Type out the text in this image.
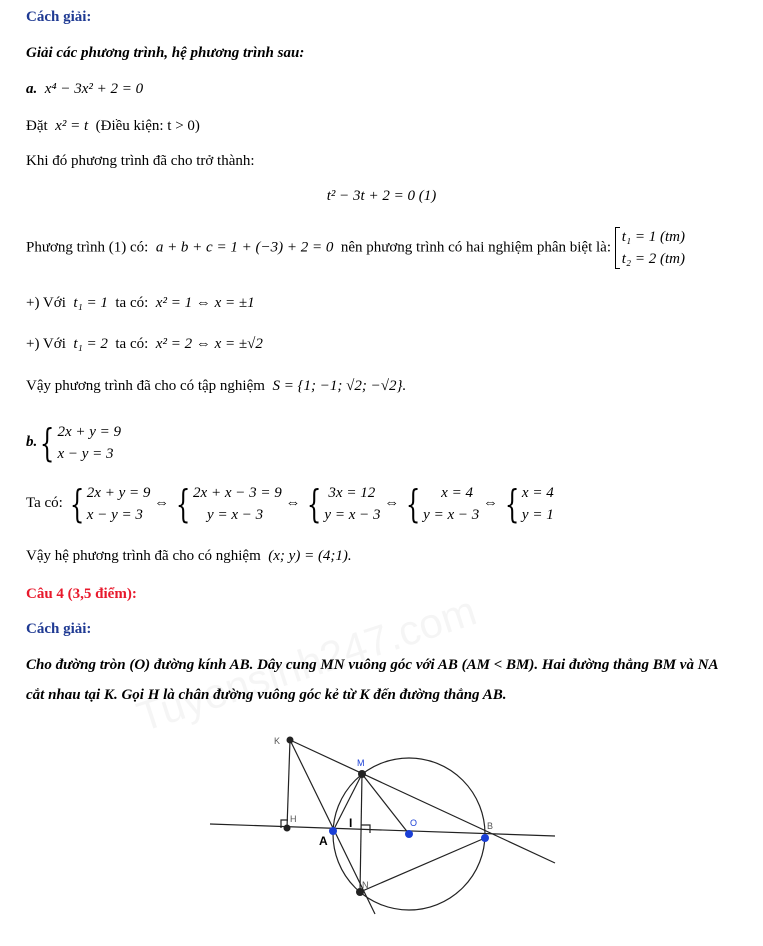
Cách giải:
Giải các phương trình, hệ phương trình sau:
a. x⁴ − 3x² + 2 = 0
Đặt x² = t (Điều kiện: t > 0)
Khi đó phương trình đã cho trở thành:
t² − 3t + 2 = 0 (1)
Phương trình (1) có: a + b + c = 1 + (−3) + 2 = 0 nên phương trình có hai nghiệm phân biệt là: t₁ = 1 (tm)
t₂ = 2 (tm)
+) Với t₁ = 1 ta có: x² = 1 ⇔ x = ±1
+) Với t₁ = 2 ta có: x² = 2 ⇔ x = ±√2
Vậy phương trình đã cho có tập nghiệm S = {1; −1; √2; −√2}.
b.{ 2x + y = 9
x − y = 3
Ta có: { 2x + y = 9
x − y = 3 ⇔ { 2x + x − 3 = 9
y = x − 3 ⇔ { 3x = 12
y = x − 3 ⇔ { x = 4
y = x − 3 ⇔ { x = 4
y = 1
Vậy hệ phương trình đã cho có nghiệm (x; y) = (4;1).
Câu 4 (3,5 điểm):
Cách giải:
Cho đường tròn (O) đường kính AB. Dây cung MN vuông góc với AB (AM < BM). Hai đường thẳng BM và NA cắt nhau tại K. Gọi H là chân đường vuông góc kẻ từ K đến đường thẳng AB.
K
M
H	O	B
N
A
I
